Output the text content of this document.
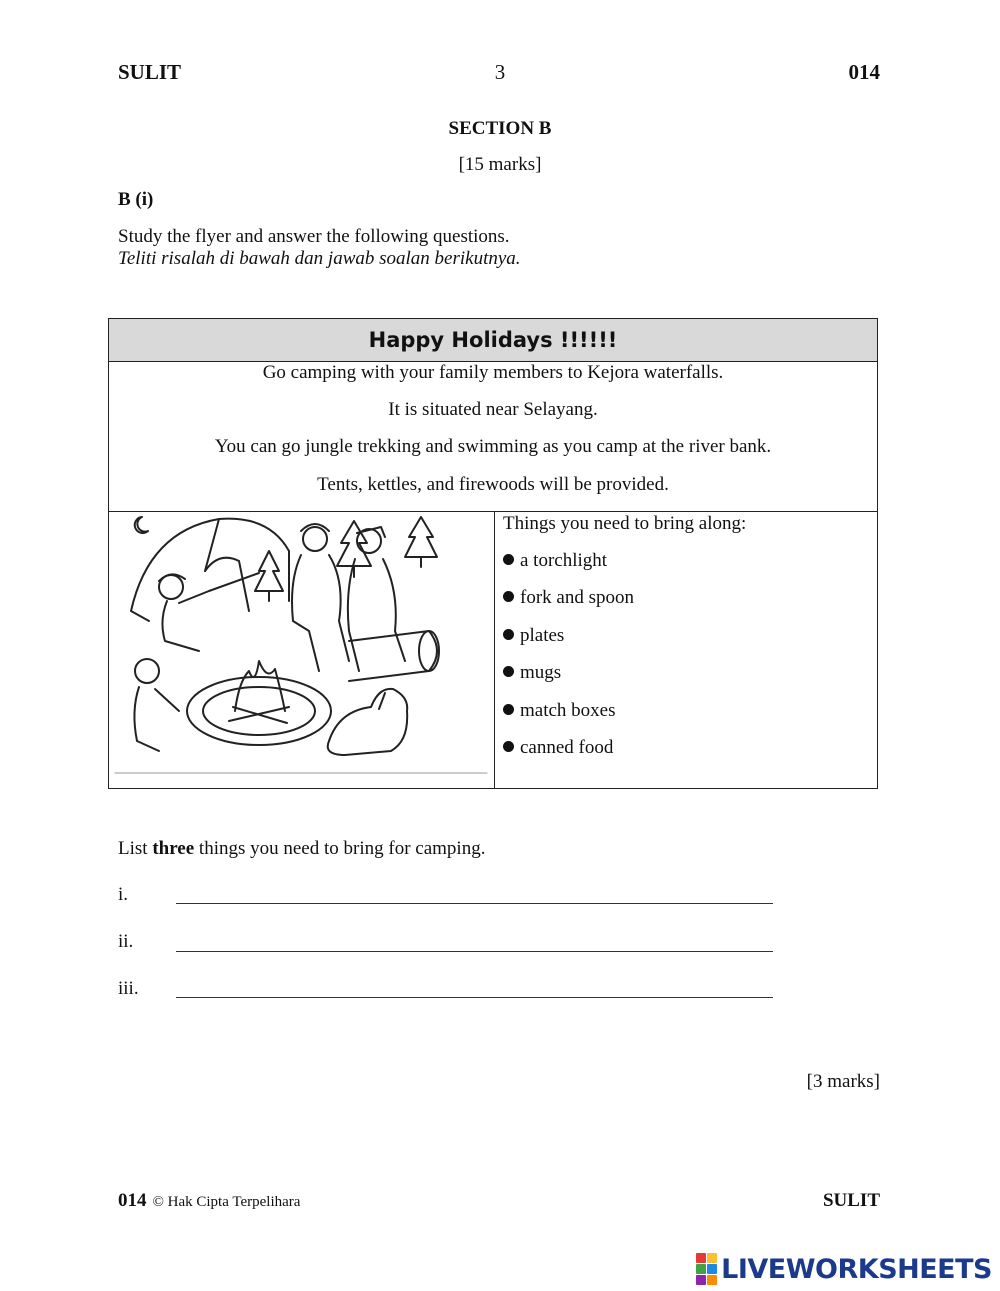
SULIT	3	014
SECTION B
[15 marks]
B (i)
Study the flyer and answer the following questions.
Teliti risalah di bawah dan jawab soalan berikutnya.
Happy Holidays !!!!!!
Go camping with your family members to Kejora waterfalls.
It is situated near Selayang.
You can go jungle trekking and swimming as you camp at the river bank.
Tents, kettles, and firewoods will be provided.
Things you need to bring along:
a torchlight
fork and spoon
plates
mugs
match boxes
canned food
List three things you need to bring for camping.
i.
ii.
iii.
[3 marks]
014 © Hak Cipta Terpelihara	SULIT
LIVEWORKSHEETS
